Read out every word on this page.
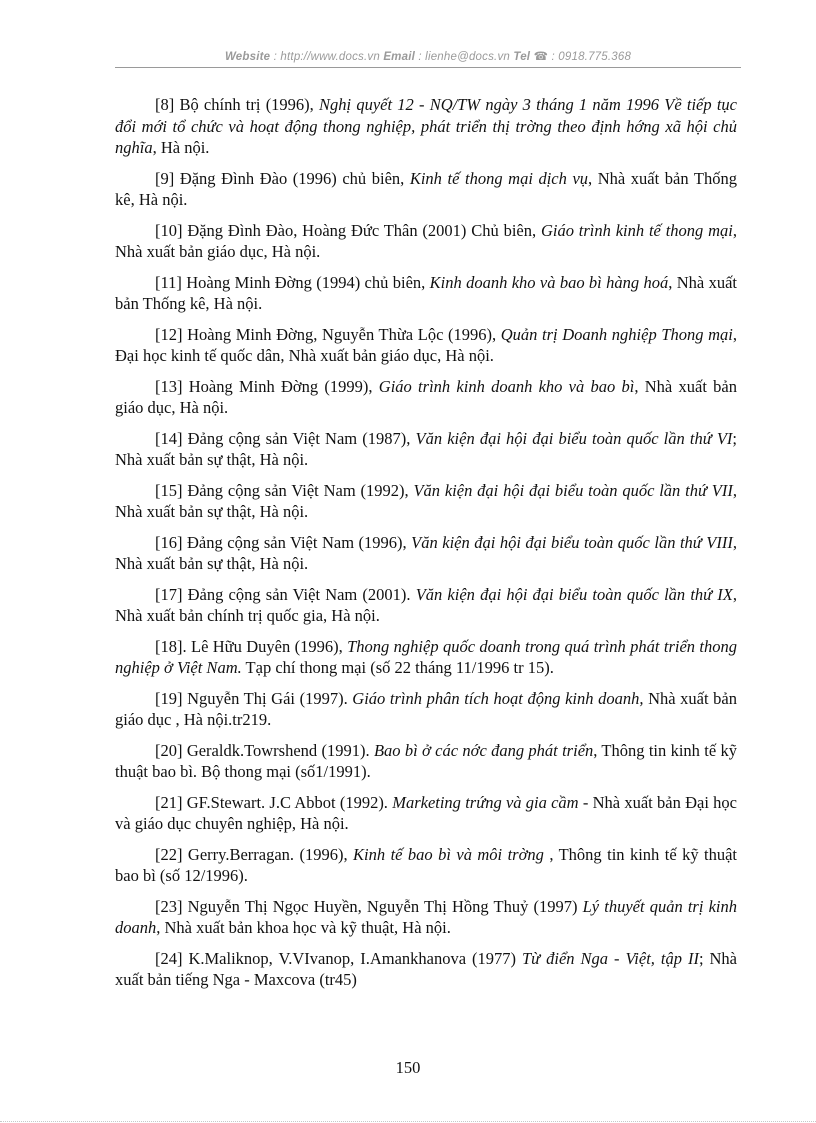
Website : http://www.docs.vn Email : lienhe@docs.vn Tel ☎ : 0918.775.368

[8] Bộ chính trị (1996), Nghị quyết 12 - NQ/TW ngày 3 tháng 1 năm 1996 Về tiếp tục đổi mới tổ chức và hoạt động thong nghiệp, phát triển thị trờng theo định hớng xã hội chủ nghĩa, Hà nội.

[9] Đặng Đình Đào (1996) chủ biên, Kinh tế thong mại dịch vụ, Nhà xuất bản Thống kê, Hà nội.

[10] Đặng Đình Đào, Hoàng Đức Thân (2001) Chủ biên, Giáo trình kinh tế thong mại, Nhà xuất bản giáo dục, Hà nội.

[11] Hoàng Minh Đờng (1994) chủ biên, Kinh doanh kho và bao bì hàng hoá, Nhà xuất bản Thống kê, Hà nội.

[12] Hoàng Minh Đờng, Nguyễn Thừa Lộc (1996), Quản trị Doanh nghiệp Thong mại, Đại học kinh tế quốc dân, Nhà xuất bản giáo dục, Hà nội.

[13] Hoàng Minh Đờng (1999), Giáo trình kinh doanh kho và bao bì, Nhà xuất bản giáo dục, Hà nội.

[14] Đảng cộng sản Việt Nam (1987), Văn kiện đại hội đại biểu toàn quốc lần thứ VI; Nhà xuất bản sự thật, Hà nội.

[15] Đảng cộng sản Việt Nam (1992), Văn kiện đại hội đại biểu toàn quốc lần thứ VII, Nhà xuất bản sự thật, Hà nội.

[16] Đảng cộng sản Việt Nam (1996), Văn kiện đại hội đại biểu toàn quốc lần thứ VIII, Nhà xuất bản sự thật, Hà nội.

[17] Đảng cộng sản Việt Nam (2001). Văn kiện đại hội đại biểu toàn quốc lần thứ IX, Nhà xuất bản chính trị quốc gia, Hà nội.

[18]. Lê Hữu Duyên (1996), Thong nghiệp quốc doanh trong quá trình phát triển thong nghiệp ở Việt Nam. Tạp chí thong mại (số 22 tháng 11/1996 tr 15).

[19] Nguyễn Thị Gái (1997). Giáo trình phân tích hoạt động kinh doanh, Nhà xuất bản giáo dục , Hà nội.tr219.

[20] Geraldk.Towrshend (1991). Bao bì ở các nớc đang phát triển, Thông tin kinh tế kỹ thuật bao bì. Bộ thong mại (số1/1991).

[21] GF.Stewart. J.C Abbot (1992). Marketing trứng và gia cầm - Nhà xuất bản Đại học và giáo dục chuyên nghiệp, Hà nội.

[22] Gerry.Berragan. (1996), Kinh tế bao bì và môi trờng , Thông tin kinh tế kỹ thuật bao bì (số 12/1996).

[23] Nguyễn Thị Ngọc Huyền, Nguyễn Thị Hồng Thuỷ (1997) Lý thuyết quản trị kinh doanh, Nhà xuất bản khoa học và kỹ thuật, Hà nội.

[24] K.Maliknop, V.VIvanop, I.Amankhanova (1977) Từ điển Nga - Việt, tập II; Nhà xuất bản tiếng Nga - Maxcova (tr45)

150
